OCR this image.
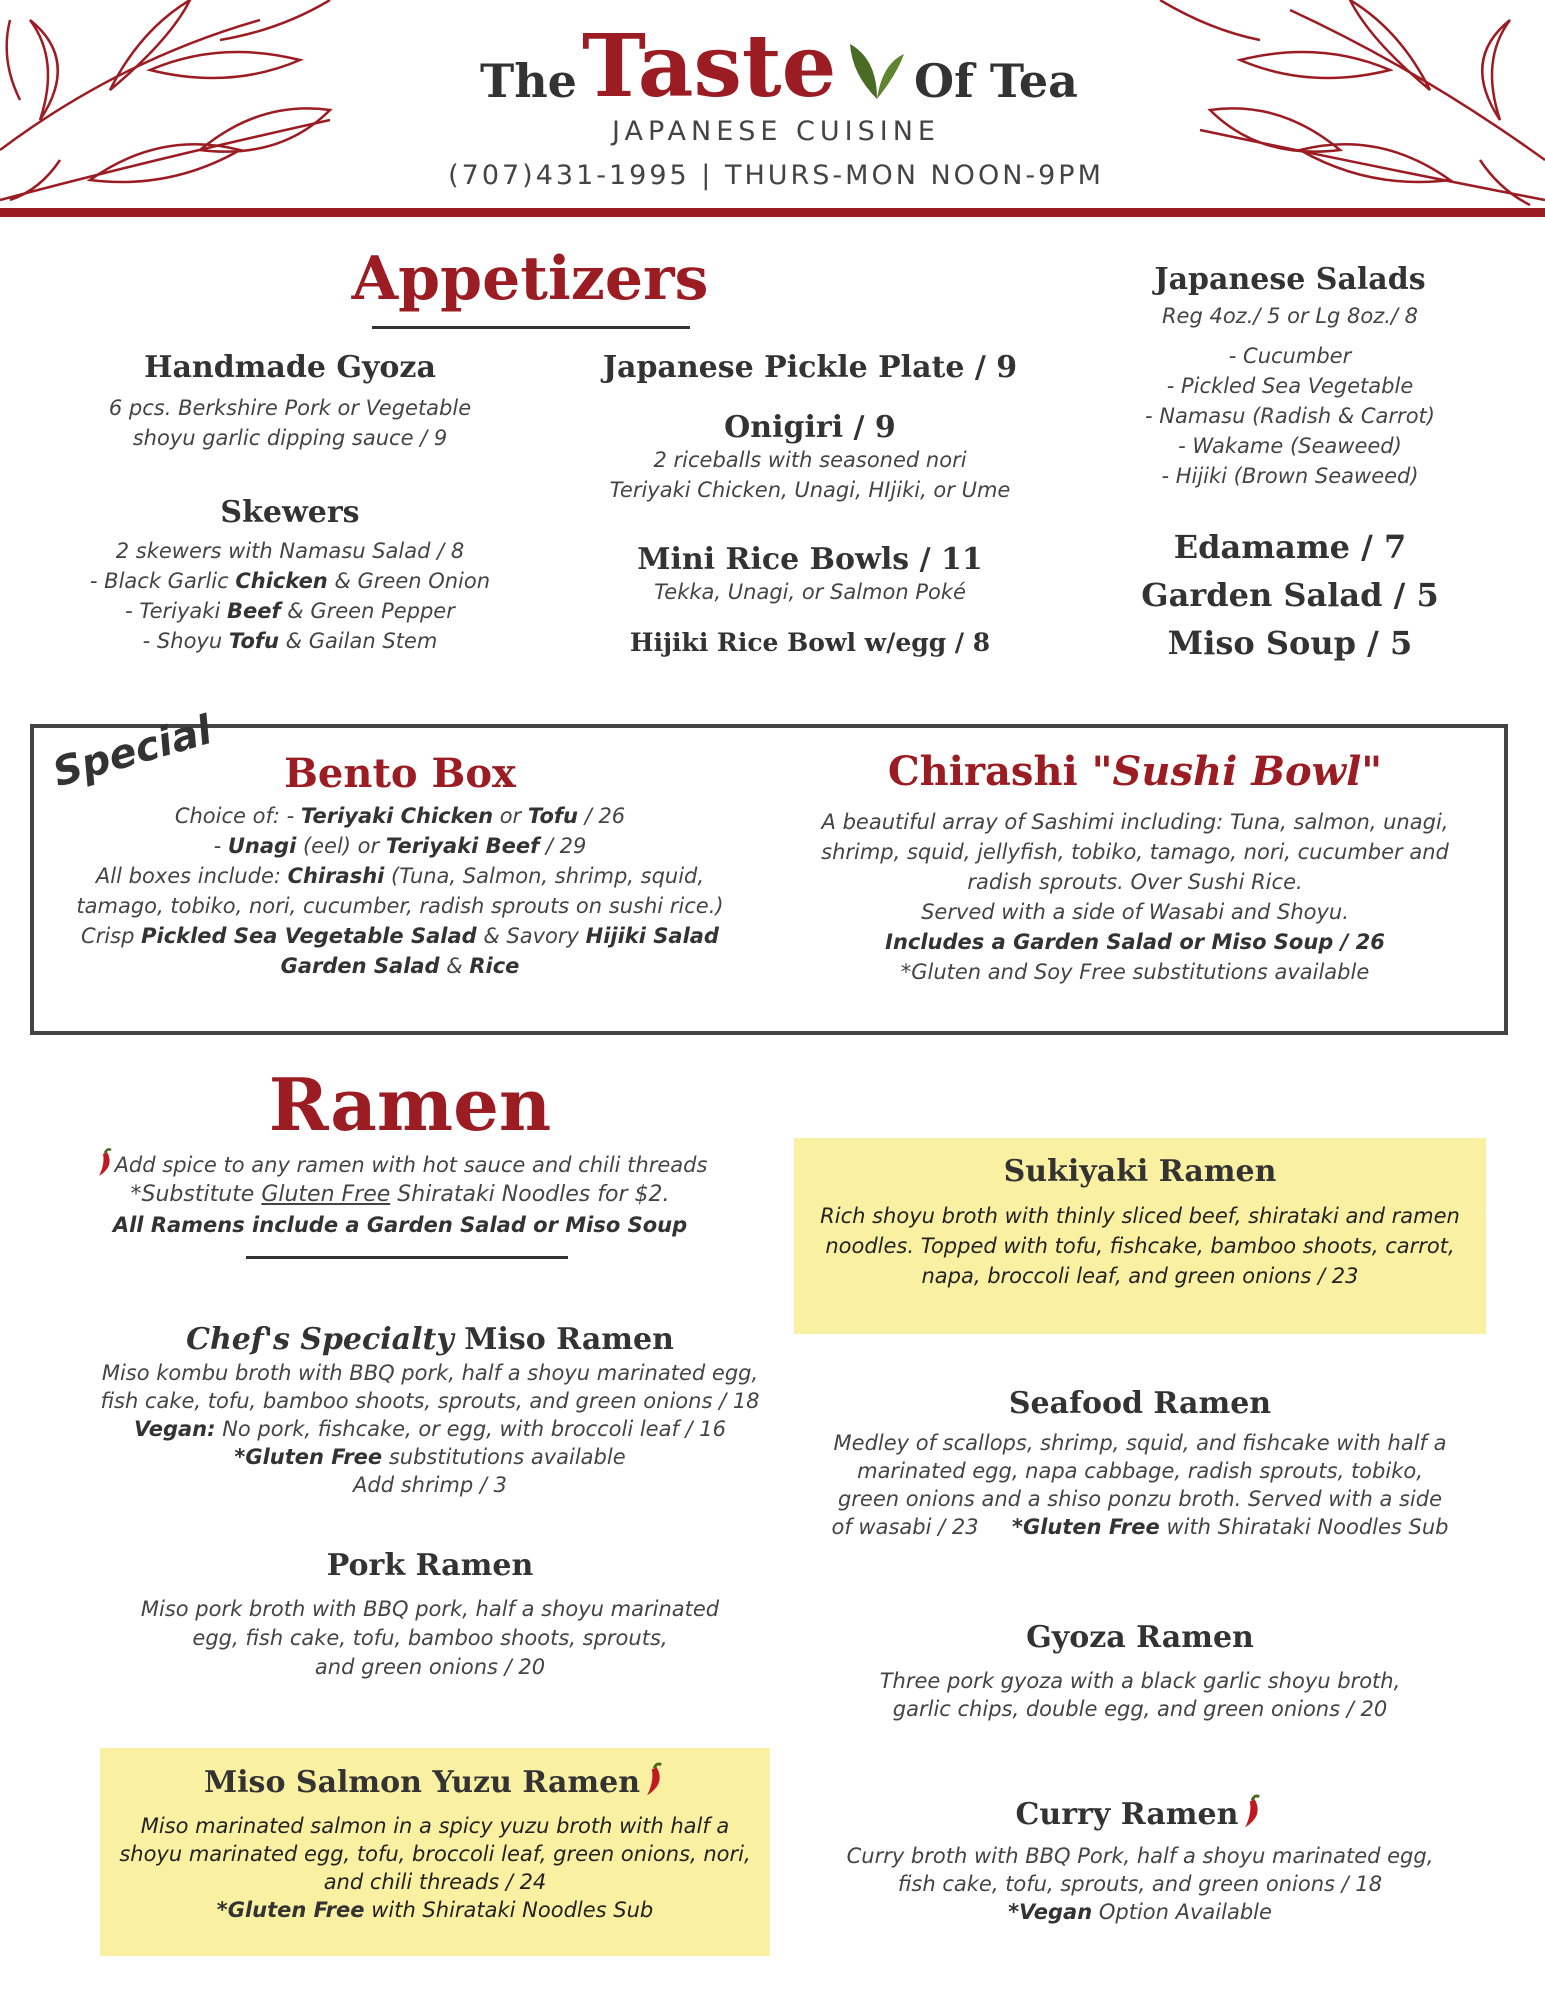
The Taste Of Tea
JAPANESE CUISINE
(707)431-1995 | THURS-MON NOON-9PM
Appetizers
Handmade Gyoza
6 pcs. Berkshire Pork or Vegetable
shoyu garlic dipping sauce / 9
Skewers
2 skewers with Namasu Salad / 8
- Black Garlic Chicken & Green Onion
- Teriyaki Beef & Green Pepper
- Shoyu Tofu & Gailan Stem
Japanese Pickle Plate / 9
Onigiri / 9
2 riceballs with seasoned nori
Teriyaki Chicken, Unagi, HIjiki, or Ume
Mini Rice Bowls / 11
Tekka, Unagi, or Salmon Poké
Hijiki Rice Bowl w/egg / 8
Japanese Salads
Reg 4oz./ 5 or Lg 8oz./ 8
- Cucumber
- Pickled Sea Vegetable
- Namasu (Radish & Carrot)
- Wakame (Seaweed)
- Hijiki (Brown Seaweed)
Edamame / 7
Garden Salad / 5
Miso Soup / 5
Special	Bento Box
Choice of: - Teriyaki Chicken or Tofu / 26
- Unagi (eel) or Teriyaki Beef / 29
All boxes include: Chirashi (Tuna, Salmon, shrimp, squid,
tamago, tobiko, nori, cucumber, radish sprouts on sushi rice.)
Crisp Pickled Sea Vegetable Salad & Savory Hijiki Salad
Garden Salad & Rice
Chirashi "Sushi Bowl"
A beautiful array of Sashimi including: Tuna, salmon, unagi,
shrimp, squid, jellyfish, tobiko, tamago, nori, cucumber and
radish sprouts. Over Sushi Rice.
Served with a side of Wasabi and Shoyu.
Includes a Garden Salad or Miso Soup / 26
*Gluten and Soy Free substitutions available
Ramen
Add spice to any ramen with hot sauce and chili threads
*Substitute Gluten Free Shirataki Noodles for $2.
All Ramens include a Garden Salad or Miso Soup
Chef's Specialty Miso Ramen
Miso kombu broth with BBQ pork, half a shoyu marinated egg,
fish cake, tofu, bamboo shoots, sprouts, and green onions / 18
Vegan: No pork, fishcake, or egg, with broccoli leaf / 16
*Gluten Free substitutions available
Add shrimp / 3
Pork Ramen
Miso pork broth with BBQ pork, half a shoyu marinated
egg, fish cake, tofu, bamboo shoots, sprouts,
and green onions / 20
Miso Salmon Yuzu Ramen
Miso marinated salmon in a spicy yuzu broth with half a
shoyu marinated egg, tofu, broccoli leaf, green onions, nori,
and chili threads / 24
*Gluten Free with Shirataki Noodles Sub
Sukiyaki Ramen
Rich shoyu broth with thinly sliced beef, shirataki and ramen
noodles. Topped with tofu, fishcake, bamboo shoots, carrot,
napa, broccoli leaf, and green onions / 23
Seafood Ramen
Medley of scallops, shrimp, squid, and fishcake with half a
marinated egg, napa cabbage, radish sprouts, tobiko,
green onions and a shiso ponzu broth. Served with a side
of wasabi / 23     *Gluten Free with Shirataki Noodles Sub
Gyoza Ramen
Three pork gyoza with a black garlic shoyu broth,
garlic chips, double egg, and green onions / 20
Curry Ramen
Curry broth with BBQ Pork, half a shoyu marinated egg,
fish cake, tofu, sprouts, and green onions / 18
*Vegan Option Available
